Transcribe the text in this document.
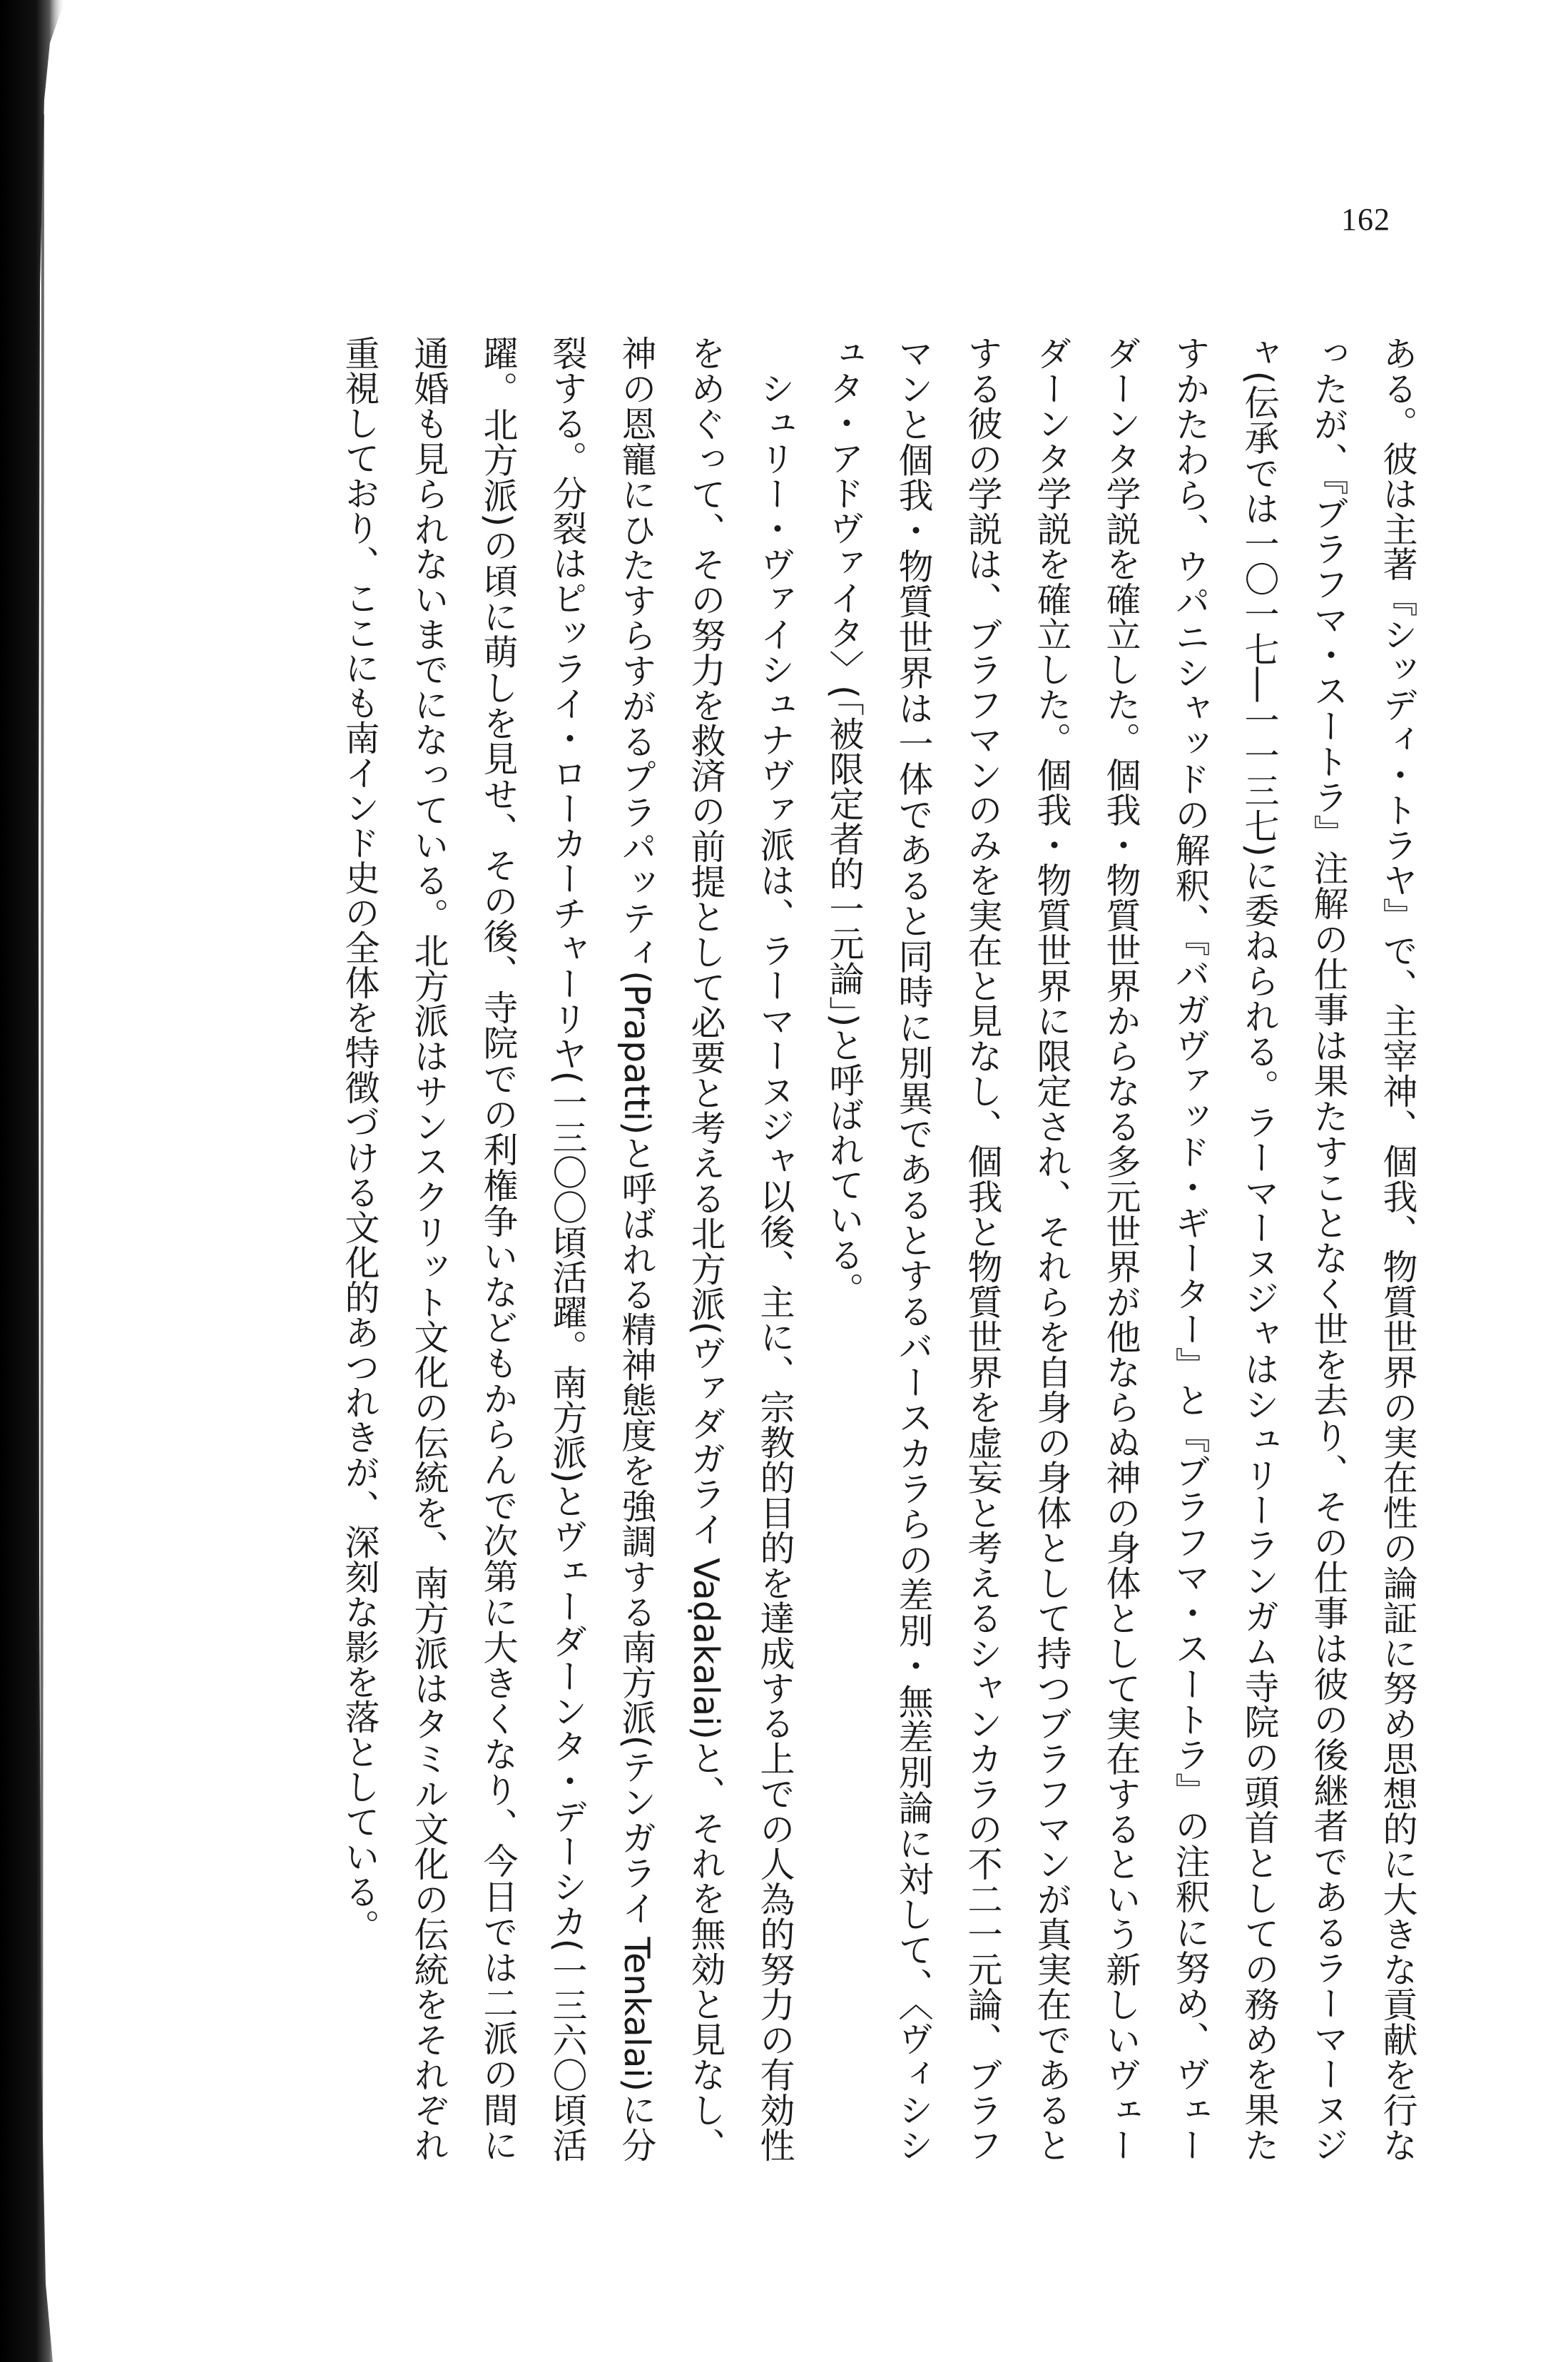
162

ある。彼は主著『シッディ・トラヤ』で、主宰神、個我、物質世界の実在性の論証に努め思想的に大きな貢献を行なったが、『ブラフマ・スートラ』注解の仕事は果たすことなく世を去り、その仕事は彼の後継者であるラーマーヌジャ(伝承では一〇一七―一一三七)に委ねられる。ラーマーヌジャはシュリーランガム寺院の頭首としての務めを果たすかたわら、ウパニシャッドの解釈、『バガヴァッド・ギーター』と『ブラフマ・スートラ』の注釈に努め、ヴェーダーンタ学説を確立した。個我・物質世界からなる多元世界が他ならぬ神の身体として実在するという新しいヴェーダーンタ学説を確立した。個我・物質世界に限定され、それらを自身の身体として持つブラフマンが真実在であるとする彼の学説は、ブラフマンのみを実在と見なし、個我と物質世界を虚妄と考えるシャンカラの不二一元論、ブラフマンと個我・物質世界は一体であると同時に別異であるとするバースカラらの差別・無差別論に対して、〈ヴィシシュタ・アドヴァイタ〉(「被限定者的一元論」)と呼ばれている。

シュリー・ヴァイシュナヴァ派は、ラーマーヌジャ以後、主に、宗教的目的を達成する上での人為的努力の有効性をめぐって、その努力を救済の前提として必要と考える北方派(ヴァダガライ Vaḍakalai)と、それを無効と見なし、神の恩寵にひたすらすがるプラパッティ(Prapatti)と呼ばれる精神態度を強調する南方派(テンガライ Tenkalai)に分裂する。分裂はピッライ・ローカーチャーリヤ(一三〇〇頃活躍。南方派)とヴェーダーンタ・デーシカ(一三六〇頃活躍。北方派)の頃に萌しを見せ、その後、寺院での利権争いなどもからんで次第に大きくなり、今日では二派の間に通婚も見られないまでになっている。北方派はサンスクリット文化の伝統を、南方派はタミル文化の伝統をそれぞれ重視しており、ここにも南インド史の全体を特徴づける文化的あつれきが、深刻な影を落としている。
